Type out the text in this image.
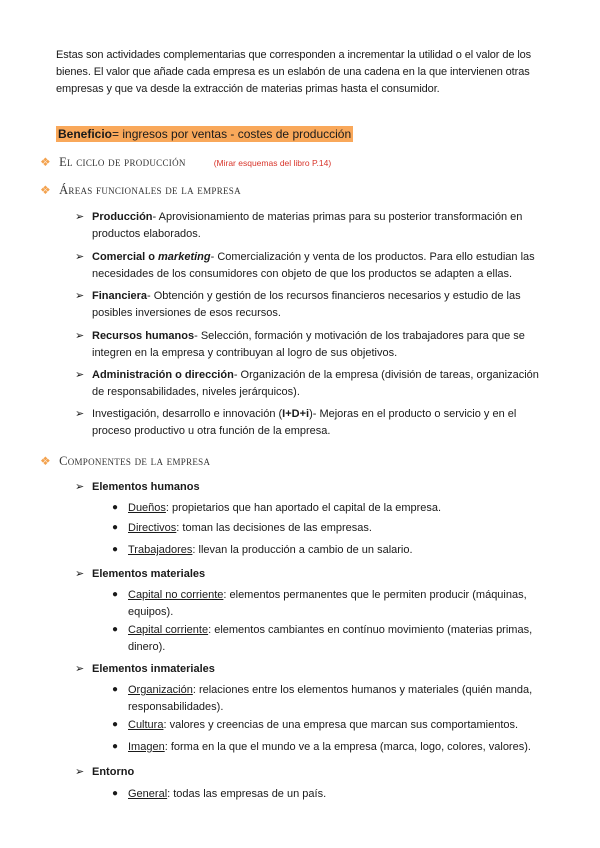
Estas son actividades complementarias que corresponden a incrementar la utilidad o el valor de los bienes. El valor que añade cada empresa es un eslabón de una cadena en la que intervienen otras empresas y que va desde la extracción de materias primas hasta el consumidor.

Beneficio= ingresos por ventas - costes de producción
❖ El ciclo de producción	(Mirar esquemas del libro P.14)
❖ Áreas funcionales de la empresa
➢ Producción- Aprovisionamiento de materias primas para su posterior transformación en productos elaborados.
➢ Comercial o marketing- Comercialización y venta de los productos. Para ello estudian las necesidades de los consumidores con objeto de que los productos se adapten a ellas.
➢ Financiera- Obtención y gestión de los recursos financieros necesarios y estudio de las posibles inversiones de esos recursos.
➢ Recursos humanos- Selección, formación y motivación de los trabajadores para que se integren en la empresa y contribuyan al logro de sus objetivos.
➢ Administración o dirección- Organización de la empresa (división de tareas, organización de responsabilidades, niveles jerárquicos).
➢ Investigación, desarrollo e innovación (I+D+i)- Mejoras en el producto o servicio y en el proceso productivo u otra función de la empresa.
❖ Componentes de la empresa
➢ Elementos humanos
● Dueños: propietarios que han aportado el capital de la empresa.
● Directivos: toman las decisiones de las empresas.
● Trabajadores: llevan la producción a cambio de un salario.
➢ Elementos materiales
● Capital no corriente: elementos permanentes que le permiten producir (máquinas, equipos).
● Capital corriente: elementos cambiantes en contínuo movimiento (materias primas, dinero).
➢ Elementos inmateriales
● Organización: relaciones entre los elementos humanos y materiales (quién manda, responsabilidades).
● Cultura: valores y creencias de una empresa que marcan sus comportamientos.
● Imagen: forma en la que el mundo ve a la empresa (marca, logo, colores, valores).
➢ Entorno
● General: todas las empresas de un país.
